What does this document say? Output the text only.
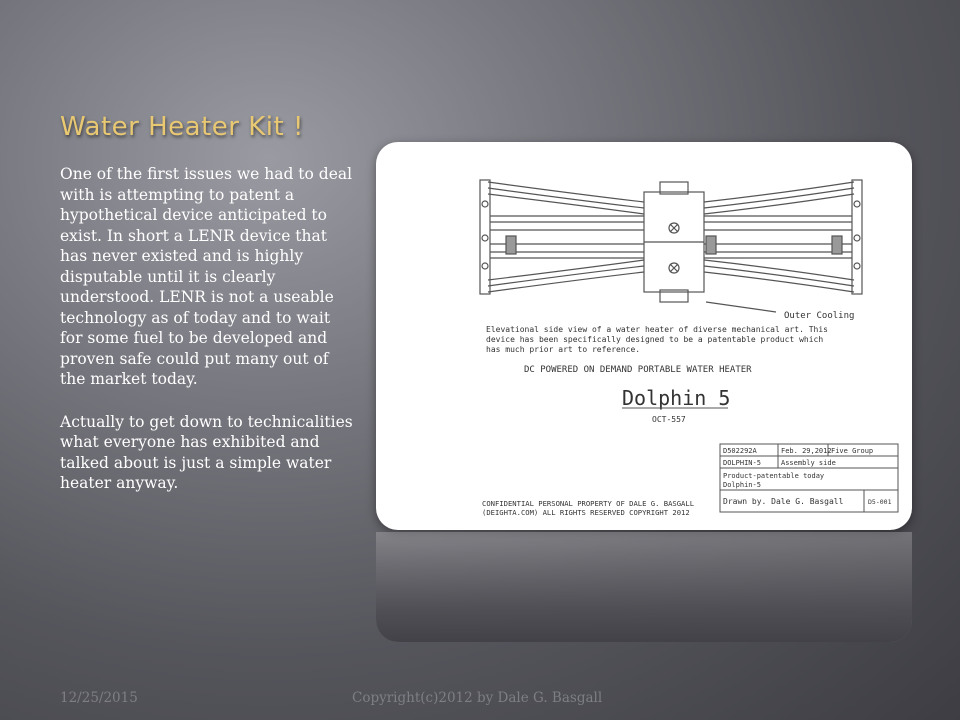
Water Heater Kit !

One of the first issues we had to deal with is attempting to patent a hypothetical device anticipated to exist. In short a LENR device that has never existed and is highly disputable until it is clearly understood. LENR is not a useable technology as of today and to wait for some fuel to be developed and proven safe could put many out of the market today.

Actually to get down to technicalities what everyone has exhibited and talked about is just a simple water heater anyway.

Outer Cooling
Elevational side view of a water heater of diverse mechanical art. This
device has been specifically designed to be a patentable product which
has much prior art to reference.
DC POWERED ON DEMAND PORTABLE WATER HEATER
Dolphin 5
OCT-557
D502292A	Feb. 29,2012 Five Group
DOLPHIN-5	Assembly side
Product-patentable today
Dolphin-5
Drawn by. Dale G. Basgall	D5-001
CONFIDENTIAL PERSONAL PROPERTY OF DALE G. BASGALL
(DEIGHTA.COM) ALL RIGHTS RESERVED COPYRIGHT 2012
12/25/2015	Copyright(c)2012 by Dale G. Basgall
